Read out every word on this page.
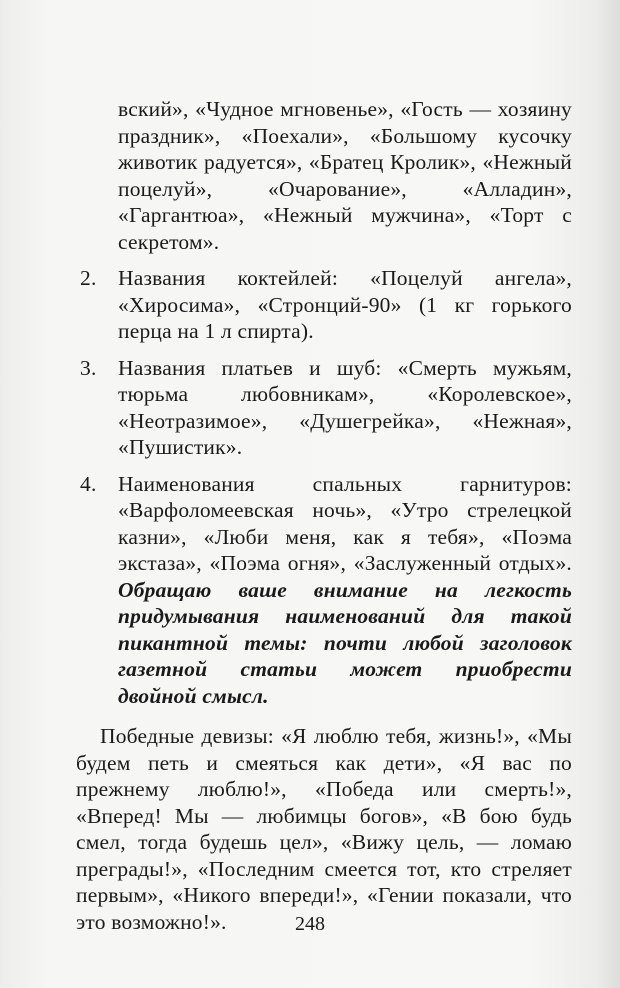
вский», «Чудное мгновенье», «Гость — хозяину праздник», «Поехали», «Большому кусочку животик радуется», «Братец Кролик», «Нежный поцелуй», «Очарование», «Алладин», «Гаргантюа», «Нежный мужчина», «Торт с секретом».

2. Названия коктейлей: «Поцелуй ангела», «Хиросима», «Стронций-90» (1 кг горького перца на 1 л спирта).
3. Названия платьев и шуб: «Смерть мужьям, тюрьма любовникам», «Королевское», «Неотразимое», «Душегрейка», «Нежная», «Пушистик».
4. Наименования спальных гарнитуров: «Варфоломеевская ночь», «Утро стрелецкой казни», «Люби меня, как я тебя», «Поэма экстаза», «Поэма огня», «Заслуженный отдых». Обращаю ваше внимание на легкость придумывания наименований для такой пикантной темы: почти любой заголовок газетной статьи может приобрести двойной смысл.

Победные девизы: «Я люблю тебя, жизнь!», «Мы будем петь и смеяться как дети», «Я вас по прежнему люблю!», «Победа или смерть!», «Вперед! Мы — любимцы богов», «В бою будь смел, тогда будешь цел», «Вижу цель, — ломаю преграды!», «Последним смеется тот, кто стреляет первым», «Никого впереди!», «Гении показали, что это возможно!».	248
